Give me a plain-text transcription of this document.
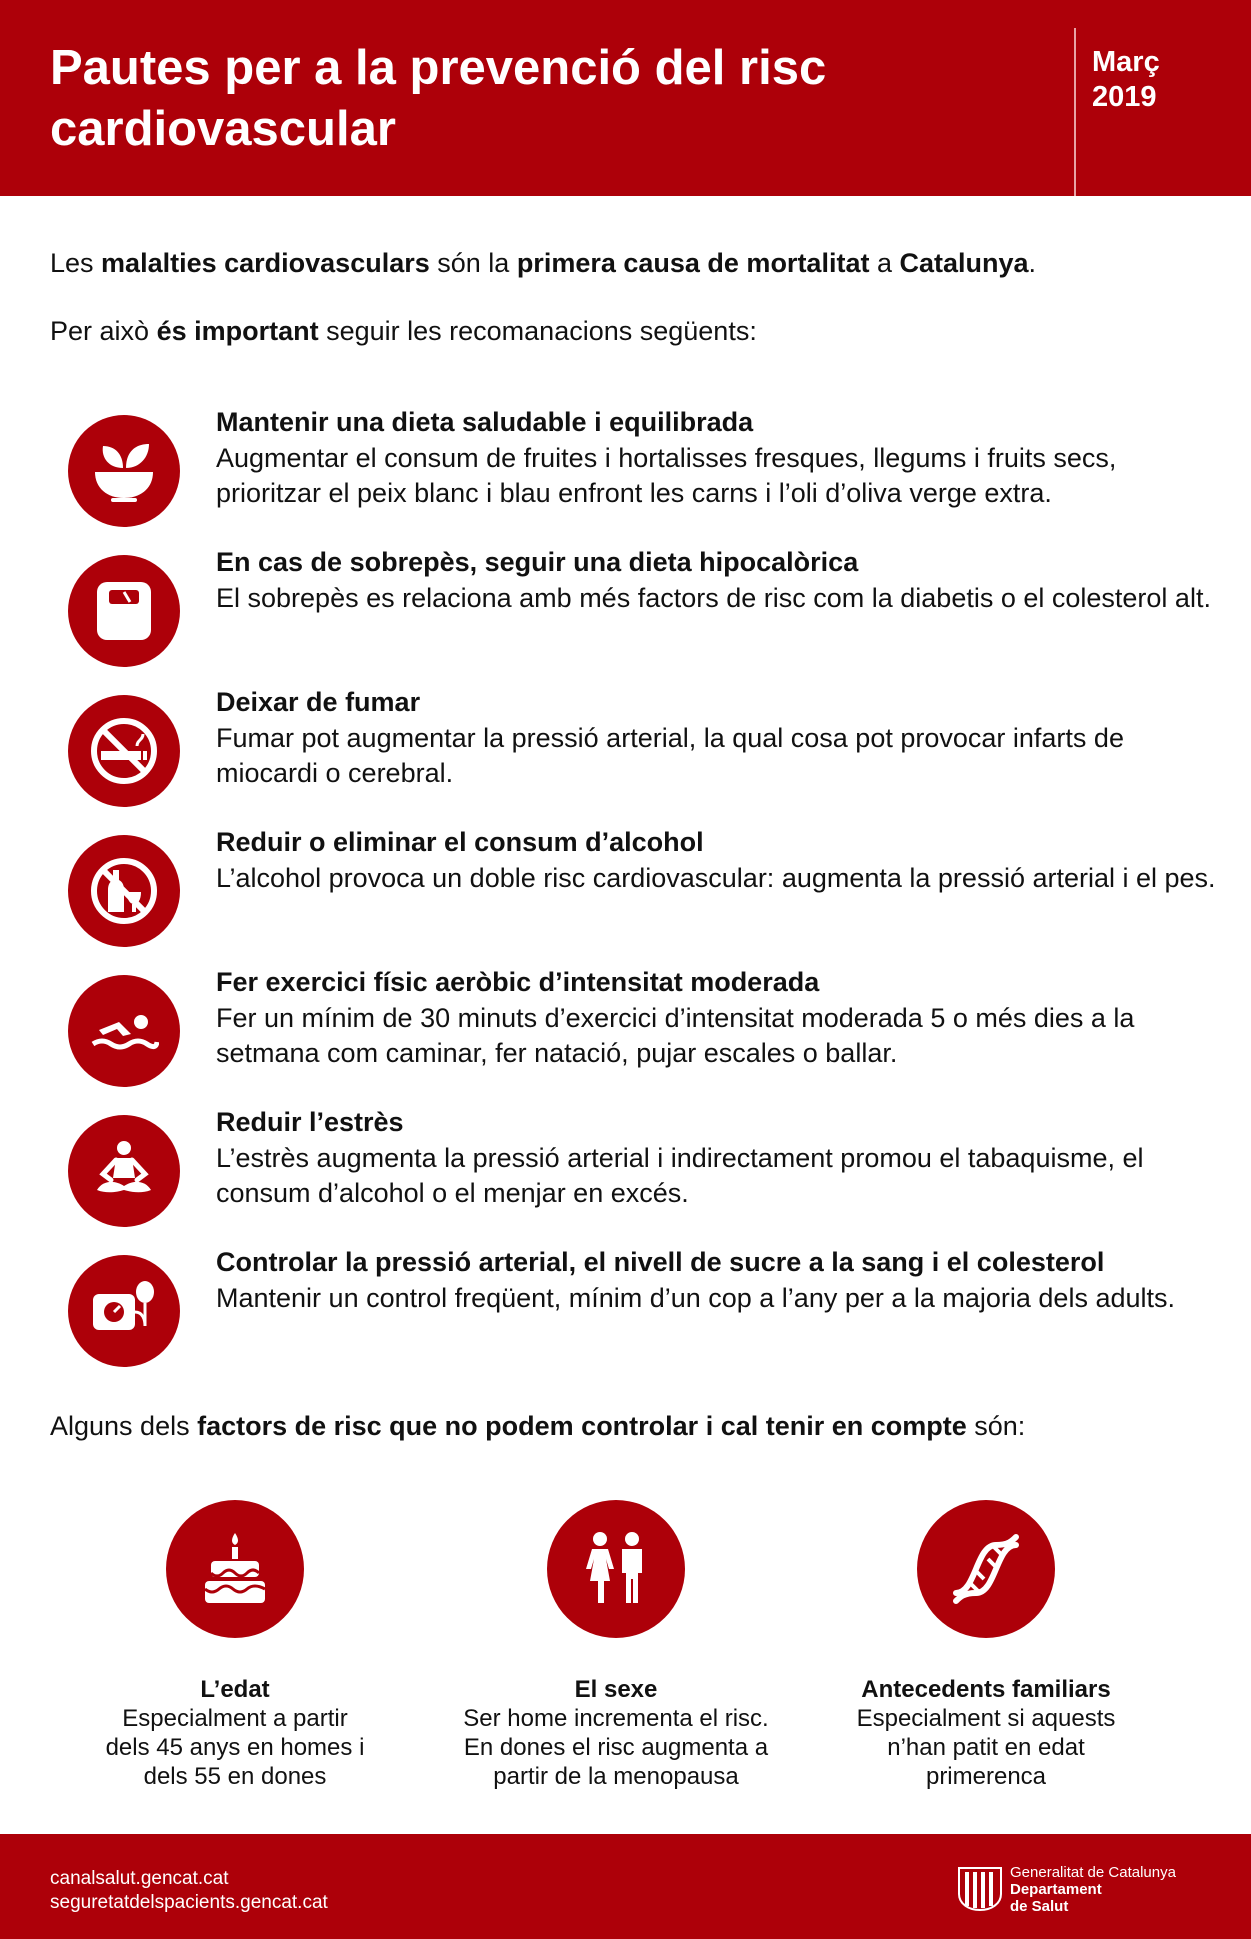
Pautes per a la prevenció del risc cardiovascular
Març
2019

Les malalties cardiovasculars són la primera causa de mortalitat a Catalunya.

Per això és important seguir les recomanacions següents:

Mantenir una dieta saludable i equilibrada
Augmentar el consum de fruites i hortalisses fresques, llegums i fruits secs, prioritzar el peix blanc i blau enfront les carns i l’oli d’oliva verge extra.
En cas de sobrepès, seguir una dieta hipocalòrica
El sobrepès es relaciona amb més factors de risc com la diabetis o el colesterol alt.
Deixar de fumar
Fumar pot augmentar la pressió arterial, la qual cosa pot provocar infarts de miocardi o cerebral.
Reduir o eliminar el consum d’alcohol
L’alcohol provoca un doble risc cardiovascular: augmenta la pressió arterial i el pes.
Fer exercici físic aeròbic d’intensitat moderada
Fer un mínim de 30 minuts d’exercici d’intensitat moderada 5 o més dies a la setmana com caminar, fer natació, pujar escales o ballar.
Reduir l’estrès
L’estrès augmenta la pressió arterial i indirectament promou el tabaquisme, el consum d’alcohol o el menjar en excés.
Controlar la pressió arterial, el nivell de sucre a la sang i el colesterol
Mantenir un control freqüent, mínim d’un cop a l’any per a la majoria dels adults.

Alguns dels factors de risc que no podem controlar i cal tenir en compte són:

L’edat
Especialment a partir
dels 45 anys en homes i
dels 55 en dones
El sexe
Ser home incrementa el risc.
En dones el risc augmenta a
partir de la menopausa
Antecedents familiars
Especialment si aquests
n’han patit en edat
primerenca
canalsalut.gencat.cat
seguretatdelspacients.gencat.cat
Generalitat de Catalunya
Departament
de Salut
